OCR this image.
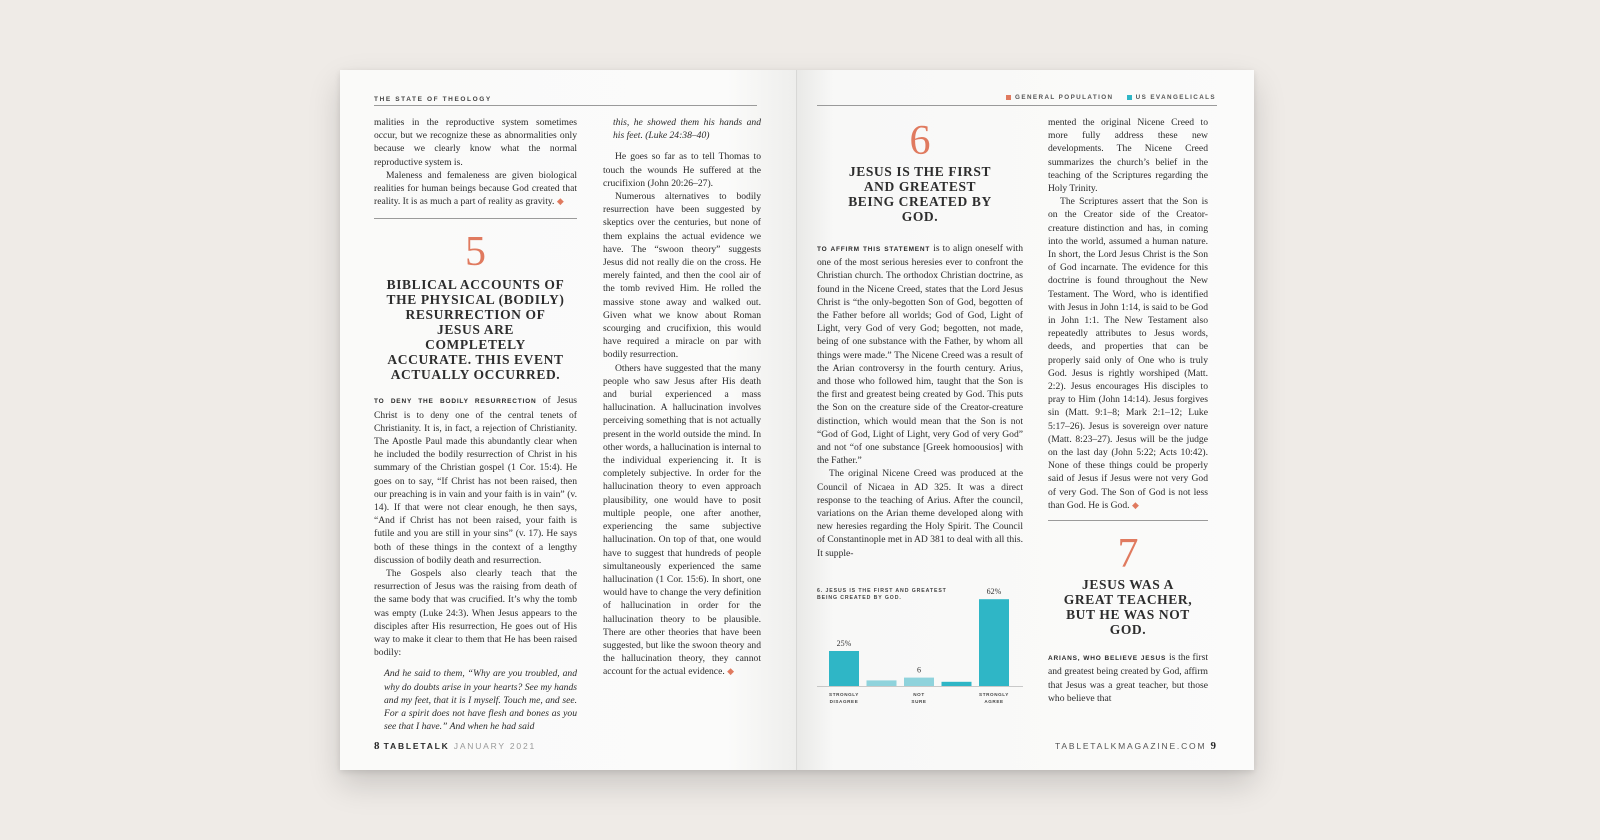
THE STATE OF THEOLOGY

malities in the reproductive system sometimes occur, but we recognize these as abnormalities only because we clearly know what the normal reproductive system is.

Maleness and femaleness are given biological realities for human beings because God created that reality. It is as much a part of reality as gravity. ◆

5
BIBLICAL ACCOUNTS OF THE PHYSICAL (BODILY) RESURRECTION OF JESUS ARE COMPLETELY ACCURATE. THIS EVENT ACTUALLY OCCURRED.

TO DENY THE BODILY RESURRECTION of Jesus Christ is to deny one of the central tenets of Christianity. It is, in fact, a rejection of Christianity. The Apostle Paul made this abundantly clear when he included the bodily resurrection of Christ in his summary of the Christian gospel (1 Cor. 15:4). He goes on to say, “If Christ has not been raised, then our preaching is in vain and your faith is in vain” (v. 14). If that were not clear enough, he then says, “And if Christ has not been raised, your faith is futile and you are still in your sins” (v. 17). He says both of these things in the context of a lengthy discussion of bodily death and resurrection.

The Gospels also clearly teach that the resurrection of Jesus was the raising from death of the same body that was crucified. It’s why the tomb was empty (Luke 24:3). When Jesus appears to the disciples after His resurrection, He goes out of His way to make it clear to them that He has been raised bodily:

And he said to them, “Why are you troubled, and why do doubts arise in your hearts? See my hands and my feet, that it is I myself. Touch me, and see. For a spirit does not have flesh and bones as you see that I have.” And when he had said

this, he showed them his hands and his feet. (Luke 24:38–40)

He goes so far as to tell Thomas to touch the wounds He suffered at the crucifixion (John 20:26–27).

Numerous alternatives to bodily resurrection have been suggested by skeptics over the centuries, but none of them explains the actual evidence we have. The “swoon theory” suggests Jesus did not really die on the cross. He merely fainted, and then the cool air of the tomb revived Him. He rolled the massive stone away and walked out. Given what we know about Roman scourging and crucifixion, this would have required a miracle on par with bodily resurrection.

Others have suggested that the many people who saw Jesus after His death and burial experienced a mass hallucination. A hallucination involves perceiving something that is not actually present in the world outside the mind. In other words, a hallucination is internal to the individual experiencing it. It is completely subjective. In order for the hallucination theory to even approach plausibility, one would have to posit multiple people, one after another, experiencing the same subjective hallucination. On top of that, one would have to suggest that hundreds of people simultaneously experienced the same hallucination (1 Cor. 15:6). In short, one would have to change the very definition of hallucination in order for the hallucination theory to be plausible. There are other theories that have been suggested, but like the swoon theory and the hallucination theory, they cannot account for the actual evidence. ◆

8 TABLETALK JANUARY 2021
GENERAL POPULATION	US EVANGELICALS
6
JESUS IS THE FIRST AND GREATEST BEING CREATED BY GOD.

TO AFFIRM THIS STATEMENT is to align oneself with one of the most serious heresies ever to confront the Christian church. The orthodox Christian doctrine, as found in the Nicene Creed, states that the Lord Jesus Christ is “the only-begotten Son of God, begotten of the Father before all worlds; God of God, Light of Light, very God of very God; begotten, not made, being of one substance with the Father, by whom all things were made.” The Nicene Creed was a result of the Arian controversy in the fourth century. Arius, and those who followed him, taught that the Son is the first and greatest being created by God. This puts the Son on the creature side of the Creator-creature distinction, which would mean that the Son is not “God of God, Light of Light, very God of very God” and not “of one substance [Greek homoousios] with the Father.”

The original Nicene Creed was produced at the Council of Nicaea in AD 325. It was a direct response to the teaching of Arius. After the council, variations on the Arian theme developed along with new heresies regarding the Holy Spirit. The Council of Constantinople met in AD 381 to deal with all this. It supple-

6. JESUS IS THE FIRST AND GREATEST BEING CREATED BY GOD.
25%
STRONGLY
DISAGREE
6
NOT
SURE
62%
STRONGLY
AGREE

mented the original Nicene Creed to more fully address these new developments. The Nicene Creed summarizes the church’s belief in the teaching of the Scriptures regarding the Holy Trinity.

The Scriptures assert that the Son is on the Creator side of the Creator-creature distinction and has, in coming into the world, assumed a human nature. In short, the Lord Jesus Christ is the Son of God incarnate. The evidence for this doctrine is found throughout the New Testament. The Word, who is identified with Jesus in John 1:14, is said to be God in John 1:1. The New Testament also repeatedly attributes to Jesus words, deeds, and properties that can be properly said only of One who is truly God. Jesus is rightly worshiped (Matt. 2:2). Jesus encourages His disciples to pray to Him (John 14:14). Jesus forgives sin (Matt. 9:1–8; Mark 2:1–12; Luke 5:17–26). Jesus is sovereign over nature (Matt. 8:23–27). Jesus will be the judge on the last day (John 5:22; Acts 10:42). None of these things could be properly said of Jesus if Jesus were not very God of very God. The Son of God is not less than God. He is God. ◆

7
JESUS WAS A GREAT TEACHER, BUT HE WAS NOT GOD.

ARIANS, WHO BELIEVE JESUS is the first and greatest being created by God, affirm that Jesus was a great teacher, but those who believe that

TABLETALKMAGAZINE.COM 9
